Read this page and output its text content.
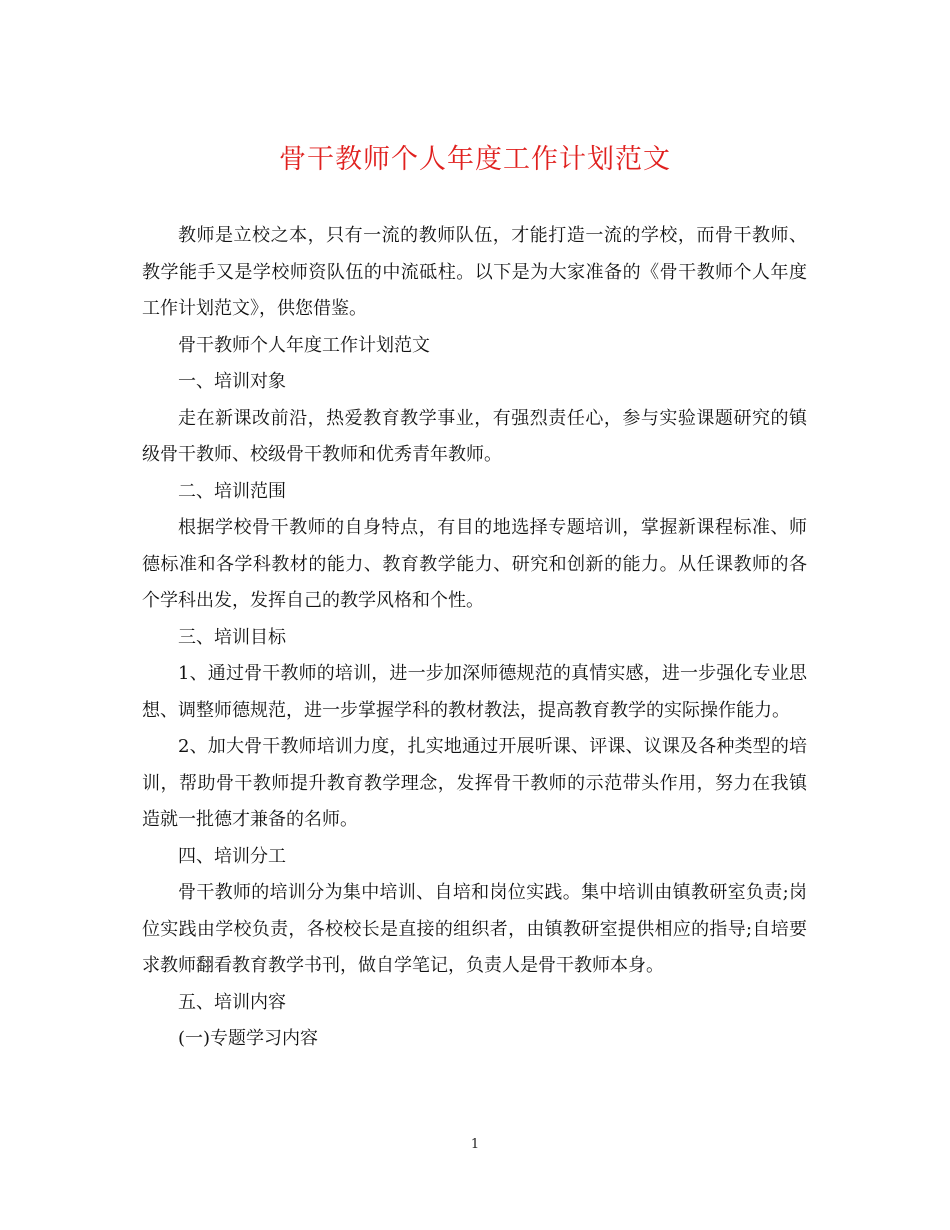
骨干教师个人年度工作计划范文

教师是立校之本，只有一流的教师队伍，才能打造一流的学校，而骨干教师、教学能手又是学校师资队伍的中流砥柱。以下是为大家准备的《骨干教师个人年度工作计划范文》，供您借鉴。

骨干教师个人年度工作计划范文

一、培训对象

走在新课改前沿，热爱教育教学事业，有强烈责任心，参与实验课题研究的镇级骨干教师、校级骨干教师和优秀青年教师。

二、培训范围

根据学校骨干教师的自身特点，有目的地选择专题培训，掌握新课程标准、师德标准和各学科教材的能力、教育教学能力、研究和创新的能力。从任课教师的各个学科出发，发挥自己的教学风格和个性。

三、培训目标

1、通过骨干教师的培训，进一步加深师德规范的真情实感，进一步强化专业思想、调整师德规范，进一步掌握学科的教材教法，提高教育教学的实际操作能力。

2、加大骨干教师培训力度，扎实地通过开展听课、评课、议课及各种类型的培训，帮助骨干教师提升教育教学理念，发挥骨干教师的示范带头作用，努力在我镇造就一批德才兼备的名师。

四、培训分工

骨干教师的培训分为集中培训、自培和岗位实践。集中培训由镇教研室负责;岗位实践由学校负责，各校校长是直接的组织者，由镇教研室提供相应的指导;自培要求教师翻看教育教学书刊，做自学笔记，负责人是骨干教师本身。

五、培训内容

(一)专题学习内容

1
